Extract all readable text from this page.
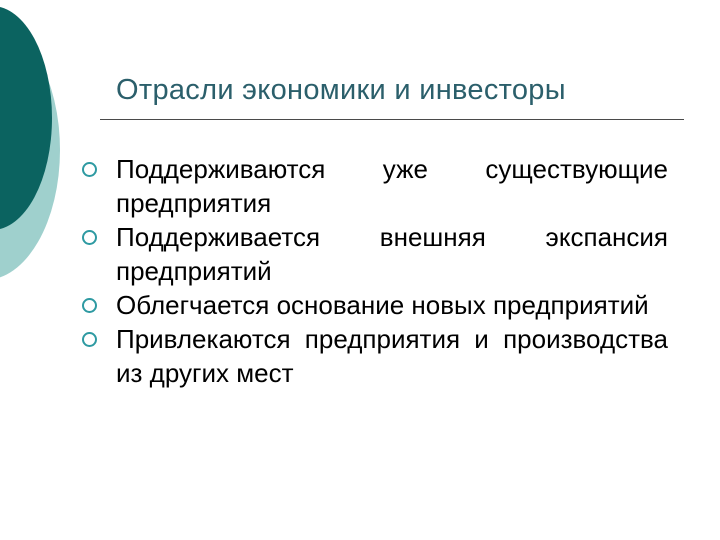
Отрасли экономики и инвесторы
Поддерживаются уже существующие предприятия
Поддерживается внешняя экспансия предприятий
Облегчается основание новых предприятий
Привлекаются предприятия и производства из других мест
